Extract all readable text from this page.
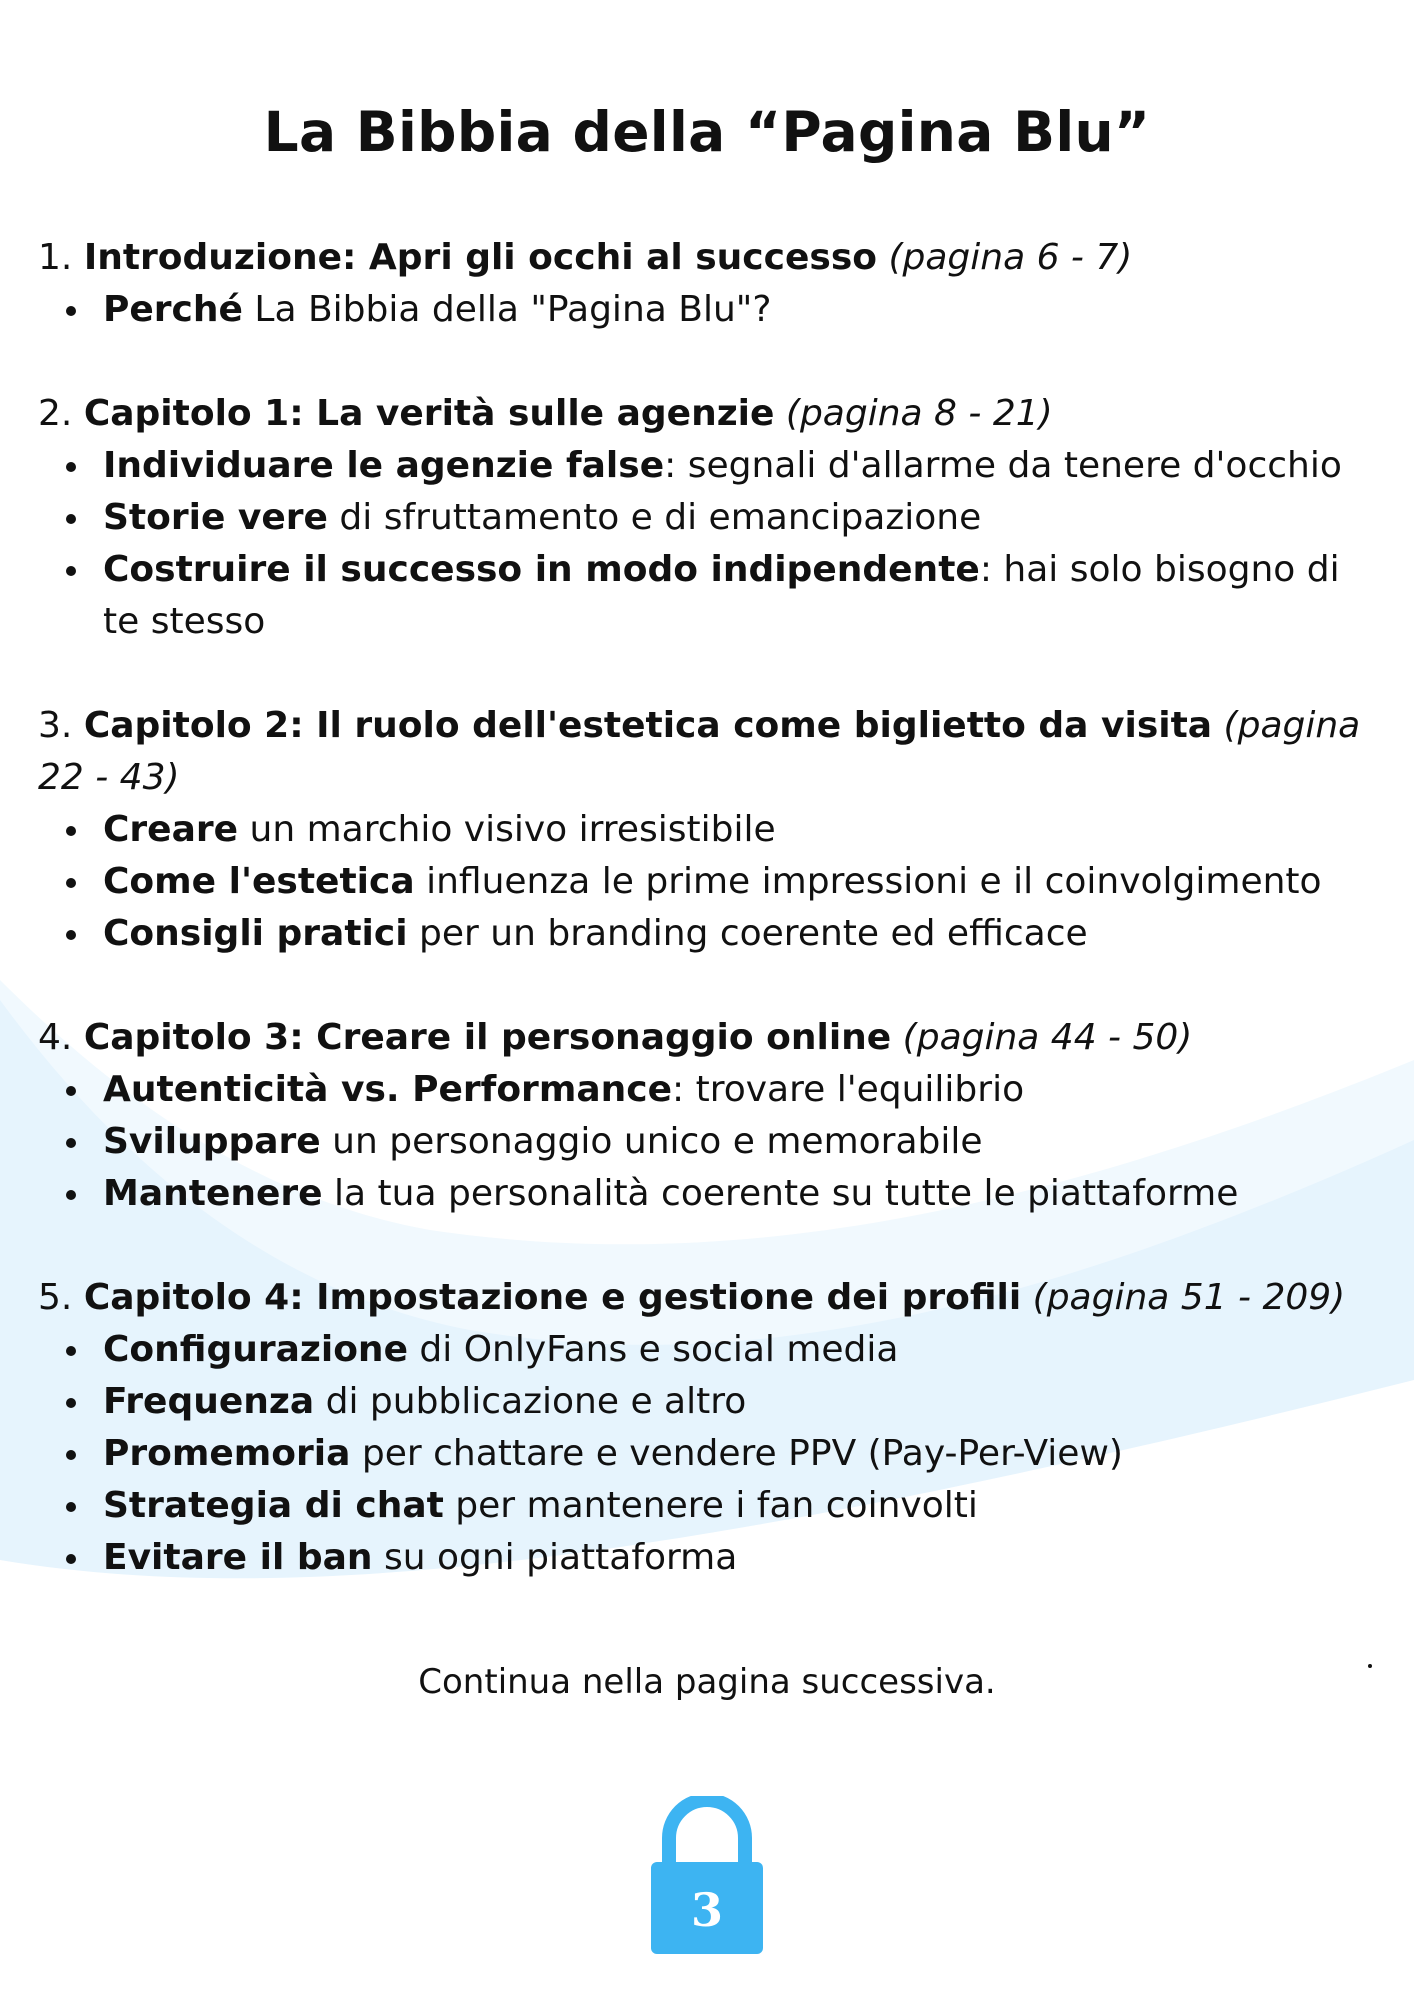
La Bibbia della “Pagina Blu”
1. Introduzione: Apri gli occhi al successo (pagina 6 - 7)
Perché La Bibbia della "Pagina Blu"?
2. Capitolo 1: La verità sulle agenzie (pagina 8 - 21)
Individuare le agenzie false: segnali d'allarme da tenere d'occhio
Storie vere di sfruttamento e di emancipazione
Costruire il successo in modo indipendente: hai solo bisogno di te stesso
3. Capitolo 2: Il ruolo dell'estetica come biglietto da visita (pagina 22 - 43)
Creare un marchio visivo irresistibile
Come l'estetica influenza le prime impressioni e il coinvolgimento
Consigli pratici per un branding coerente ed efficace
4. Capitolo 3: Creare il personaggio online (pagina 44 - 50)
Autenticità vs. Performance: trovare l'equilibrio
Sviluppare un personaggio unico e memorabile
Mantenere la tua personalità coerente su tutte le piattaforme
5. Capitolo 4: Impostazione e gestione dei profili (pagina 51 - 209)
Configurazione di OnlyFans e social media
Frequenza di pubblicazione e altro
Promemoria per chattare e vendere PPV (Pay-Per-View)
Strategia di chat per mantenere i fan coinvolti
Evitare il ban su ogni piattaforma
Continua nella pagina successiva.
3
